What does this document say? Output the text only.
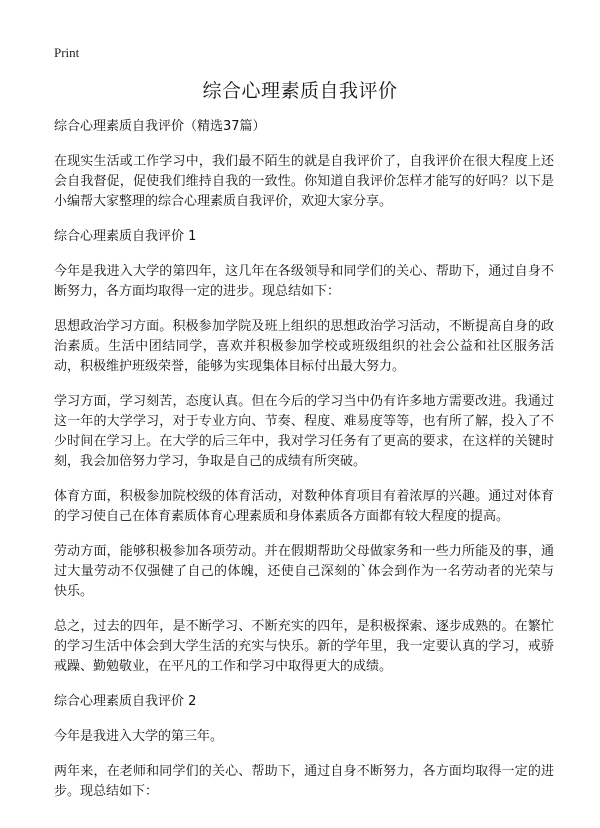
Print
综合心理素质自我评价

综合心理素质自我评价（精选37篇）

在现实生活或工作学习中，我们最不陌生的就是自我评价了，自我评价在很大程度上还会自我督促，促使我们维持自我的一致性。你知道自我评价怎样才能写的好吗？以下是小编帮大家整理的综合心理素质自我评价，欢迎大家分享。

综合心理素质自我评价 1

今年是我进入大学的第四年，这几年在各级领导和同学们的关心、帮助下，通过自身不断努力，各方面均取得一定的进步。现总结如下：

思想政治学习方面。积极参加学院及班上组织的思想政治学习活动，不断提高自身的政治素质。生活中团结同学，喜欢并积极参加学校或班级组织的社会公益和社区服务活动，积极维护班级荣誉，能够为实现集体目标付出最大努力。

学习方面，学习刻苦，态度认真。但在今后的学习当中仍有许多地方需要改进。我通过这一年的大学学习，对于专业方向、节奏、程度、难易度等等，也有所了解，投入了不少时间在学习上。在大学的后三年中，我对学习任务有了更高的要求，在这样的关键时刻，我会加倍努力学习，争取是自己的成绩有所突破。

体育方面，积极参加院校级的体育活动，对数种体育项目有着浓厚的兴趣。通过对体育的学习使自己在体育素质体育心理素质和身体素质各方面都有较大程度的提高。

劳动方面，能够积极参加各项劳动。并在假期帮助父母做家务和一些力所能及的事，通过大量劳动不仅强健了自己的体魄，还使自己深刻的`体会到作为一名劳动者的光荣与快乐。

总之，过去的四年，是不断学习、不断充实的四年，是积极探索、逐步成熟的。在繁忙的学习生活中体会到大学生活的充实与快乐。新的学年里，我一定要认真的学习，戒骄戒躁、勤勉敬业，在平凡的工作和学习中取得更大的成绩。

综合心理素质自我评价 2

今年是我进入大学的第三年。

两年来，在老师和同学们的关心、帮助下，通过自身不断努力，各方面均取得一定的进步。现总结如下：
